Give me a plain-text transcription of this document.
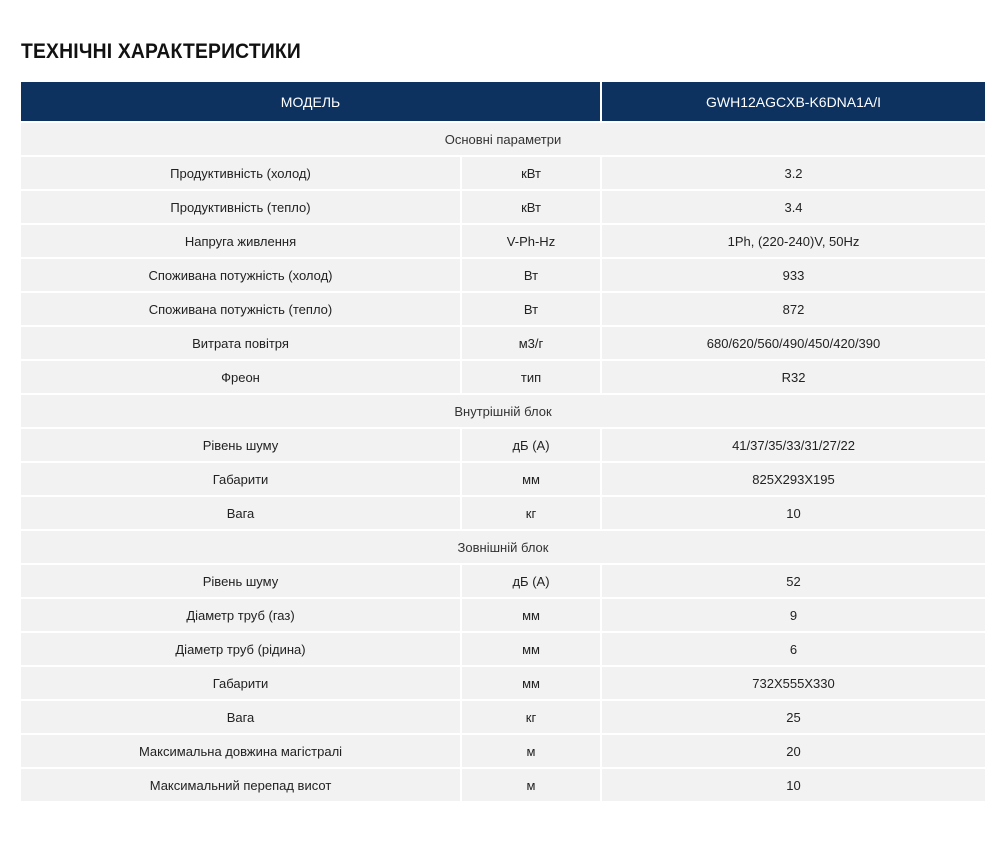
ТЕХНІЧНІ ХАРАКТЕРИСТИКИ
МОДЕЛЬ		GWH12AGCXB-K6DNA1A/I
Основні параметри		
Продуктивність (холод)	кВт	3.2
Продуктивність (тепло)	кВт	3.4
Напруга живлення	V-Ph-Hz	1Ph, (220-240)V, 50Hz
Споживана потужність (холод)	Вт	933
Споживана потужність (тепло)	Вт	872
Витрата повітря	м3/г	680/620/560/490/450/420/390
Фреон	тип	R32
Внутрішній блок		
Рівень шуму	дБ (А)	41/37/35/33/31/27/22
Габарити	мм	825X293X195
Вага	кг	10
Зовнішній блок		
Рівень шуму	дБ (А)	52
Діаметр труб (газ)	мм	9
Діаметр труб (рідина)	мм	6
Габарити	мм	732X555X330
Вага	кг	25
Максимальна довжина магістралі	м	20
Максимальний перепад висот	м	10
